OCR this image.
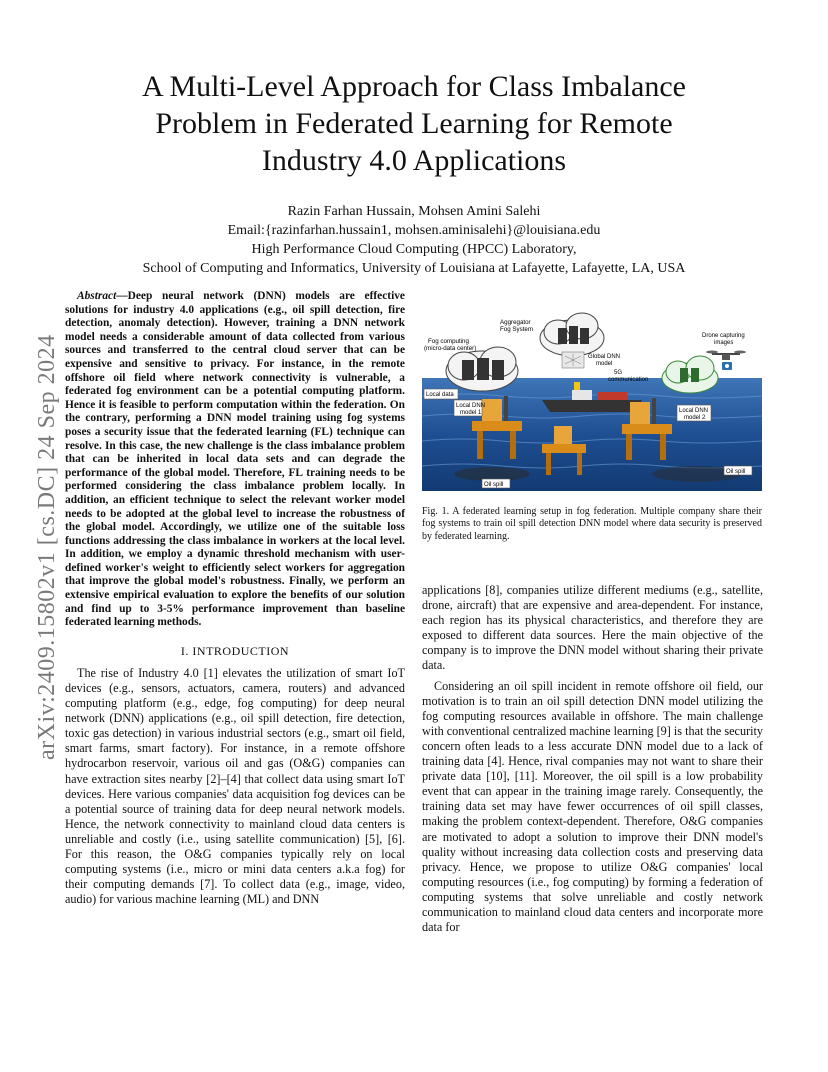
arXiv:2409.15802v1 [cs.DC] 24 Sep 2024
A Multi-Level Approach for Class Imbalance
Problem in Federated Learning for Remote
Industry 4.0 Applications
Razin Farhan Hussain, Mohsen Amini Salehi
Email:{razinfarhan.hussain1, mohsen.aminisalehi}@louisiana.edu
High Performance Cloud Computing (HPCC) Laboratory,
School of Computing and Informatics, University of Louisiana at Lafayette, Lafayette, LA, USA

Abstract—Deep neural network (DNN) models are effective solutions for industry 4.0 applications (e.g., oil spill detection, fire detection, anomaly detection). However, training a DNN network model needs a considerable amount of data collected from various sources and transferred to the central cloud server that can be expensive and sensitive to privacy. For instance, in the remote offshore oil field where network connectivity is vulnerable, a federated fog environment can be a potential computing platform. Hence it is feasible to perform computation within the federation. On the contrary, performing a DNN model training using fog systems poses a security issue that the federated learning (FL) technique can resolve. In this case, the new challenge is the class imbalance problem that can be inherited in local data sets and can degrade the performance of the global model. Therefore, FL training needs to be performed considering the class imbalance problem locally. In addition, an efficient technique to select the relevant worker model needs to be adopted at the global level to increase the robustness of the global model. Accordingly, we utilize one of the suitable loss functions addressing the class imbalance in workers at the local level. In addition, we employ a dynamic threshold mechanism with user-defined worker's weight to efficiently select workers for aggregation that improve the global model's robustness. Finally, we perform an extensive empirical evaluation to explore the benefits of our solution and find up to 3-5% performance improvement than baseline federated learning methods.

I. INTRODUCTION

The rise of Industry 4.0 [1] elevates the utilization of smart IoT devices (e.g., sensors, actuators, camera, routers) and advanced computing platform (e.g., edge, fog computing) for deep neural network (DNN) applications (e.g., oil spill detection, fire detection, toxic gas detection) in various industrial sectors (e.g., smart oil field, smart farms, smart factory). For instance, in a remote offshore hydrocarbon reservoir, various oil and gas (O&G) companies can have extraction sites nearby [2]–[4] that collect data using smart IoT devices. Here various companies' data acquisition fog devices can be a potential source of training data for deep neural network models. Hence, the network connectivity to mainland cloud data centers is unreliable and costly (i.e., using satellite communication) [5], [6]. For this reason, the O&G companies typically rely on local computing systems (i.e., micro or mini data centers a.k.a fog) for their computing demands [7]. To collect data (e.g., image, video, audio) for various machine learning (ML) and DNN

Aggregator
Fog System
Fog computing
(micro-data center)
Global DNN
model
5G
communication
Drone capturing
images
Local data
Local DNN
model 1	Local DNN
model 2
Oil spill
Oil spill
Fig. 1. A federated learning setup in fog federation. Multiple company share their fog systems to train oil spill detection DNN model where data security is preserved by federated learning.

applications [8], companies utilize different mediums (e.g., satellite, drone, aircraft) that are expensive and area-dependent. For instance, each region has its physical characteristics, and therefore they are exposed to different data sources. Here the main objective of the company is to improve the DNN model without sharing their private data.

Considering an oil spill incident in remote offshore oil field, our motivation is to train an oil spill detection DNN model utilizing the fog computing resources available in offshore. The main challenge with conventional centralized machine learning [9] is that the security concern often leads to a less accurate DNN model due to a lack of training data [4]. Hence, rival companies may not want to share their private data [10], [11]. Moreover, the oil spill is a low probability event that can appear in the training image rarely. Consequently, the training data set may have fewer occurrences of oil spill classes, making the problem context-dependent. Therefore, O&G companies are motivated to adopt a solution to improve their DNN model's quality without increasing data collection costs and preserving data privacy. Hence, we propose to utilize O&G companies' local computing resources (i.e., fog computing) by forming a federation of computing systems that solve unreliable and costly network communication to mainland cloud data centers and incorporate more data for
